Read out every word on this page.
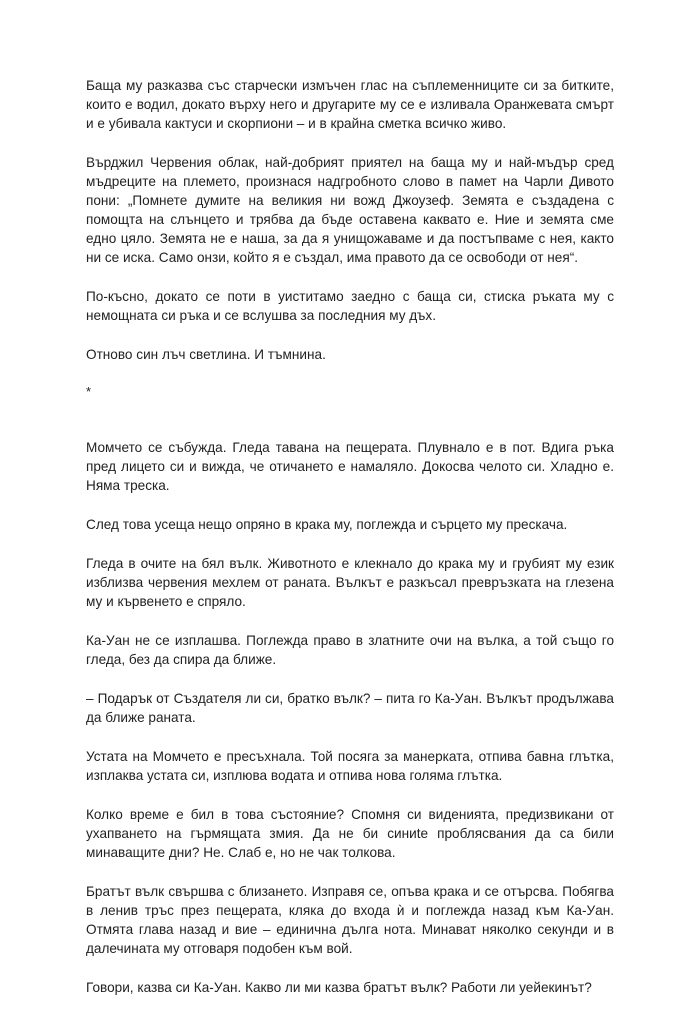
Баща му разказва със старчески измъчен глас на съплеменниците си за битките, които е водил, докато върху него и другарите му се е изливала Оранжевата смърт и е убивала кактуси и скорпиони – и в крайна сметка всичко живо.

Върджил Червения облак, най-добрият приятел на баща му и най-мъдър сред мъдреците на племето, произнася надгробното слово в памет на Чарли Дивото пони: „Помнете думите на великия ни вожд Джоузеф. Земята е създадена с помощта на слънцето и трябва да бъде оставена каквато е. Ние и земята сме едно цяло. Земята не е наша, за да я унищожаваме и да постъпваме с нея, както ни се иска. Само онзи, който я е създал, има правото да се освободи от нея“.

По-късно, докато се поти в уиститамо заедно с баща си, стиска ръката му с немощната си ръка и се вслушва за последния му дъх.

Отново син лъч светлина. И тъмнина.

*

Момчето се събужда. Гледа тавана на пещерата. Плувнало е в пот. Вдига ръка пред лицето си и вижда, че отичането е намаляло. Докосва челото си. Хладно е. Няма треска.

След това усеща нещо опряно в крака му, поглежда и сърцето му прескача.

Гледа в очите на бял вълк. Животното е клекнало до крака му и грубият му език изблизва червения мехлем от раната. Вълкът е разкъсал превръзката на глезена му и кървенето е спряло.

Ка-Уан не се изплашва. Поглежда право в златните очи на вълка, а той също го гледа, без да спира да ближе.

– Подарък от Създателя ли си, братко вълк? – пита го Ка-Уан. Вълкът продължава да ближе раната.

Устата на Момчето е пресъхнала. Той посяга за манерката, отпива бавна глътка, изплаква устата си, изплюва водата и отпива нова голяма глътка.

Колко време е бил в това състояние? Спомня си виденията, предизвикани от ухапването на гърмящата змия. Да не би синиte проблясвания да са били минаващите дни? Не. Слаб е, но не чак толкова.

Братът вълк свършва с близането. Изправя се, опъва крака и се отърсва. Побягва в ленив тръс през пещерата, кляка до входа ѝ и поглежда назад към Ка-Уан. Отмята глава назад и вие – единична дълга нота. Минават няколко секунди и в далечината му отговаря подобен към вой.

Говори, казва си Ка-Уан. Какво ли ми казва братът вълк? Работи ли уейекинът?
